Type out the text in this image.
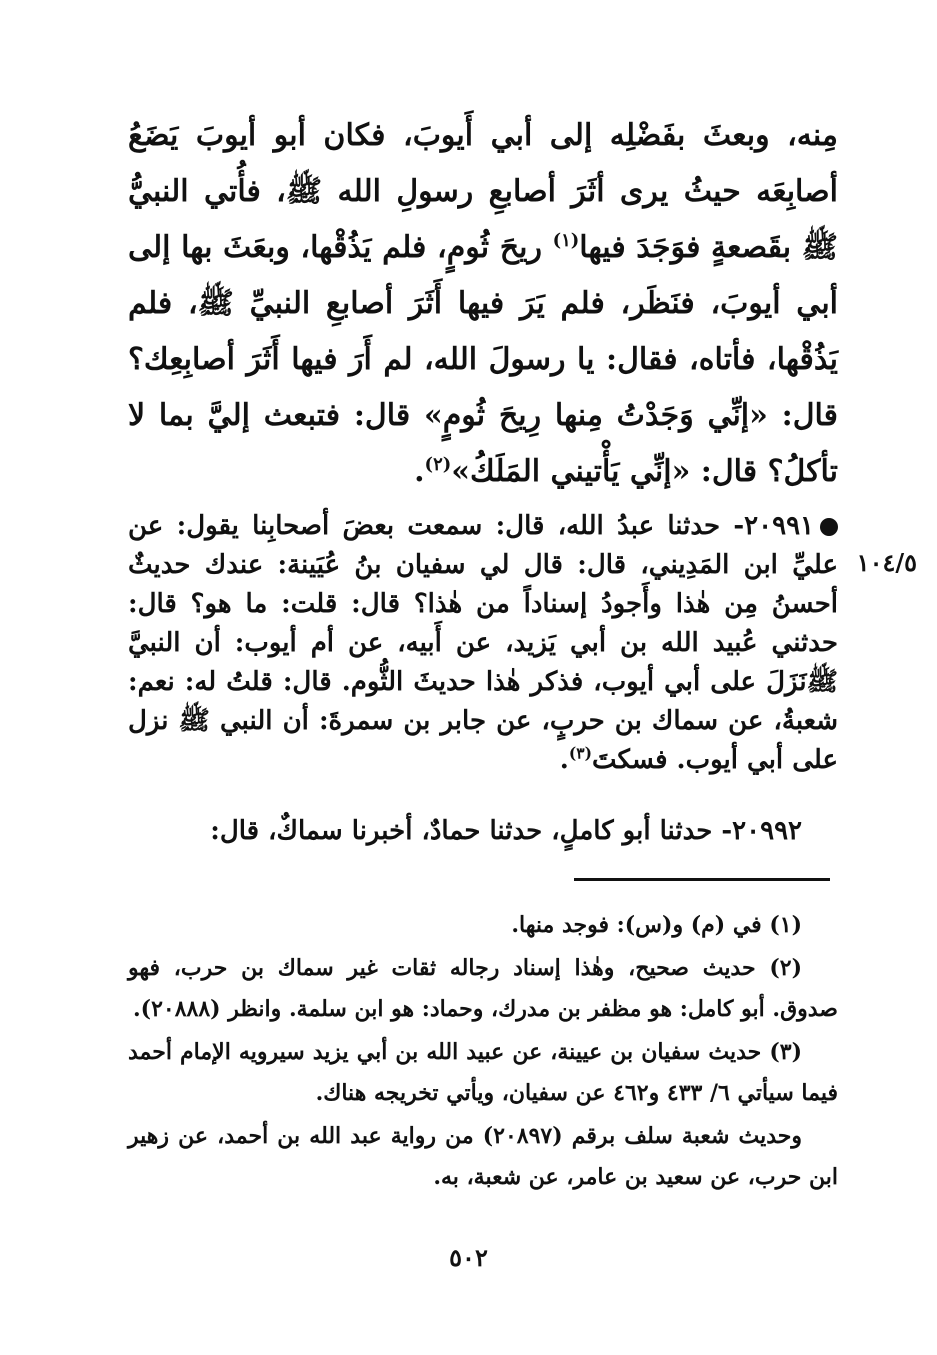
مِنه، وبعثَ بفَضْلِه إلى أبي أَيوبَ، فكان أبو أيوبَ يَضَعُ أصابِعَه حيثُ يرى أثَرَ أصابعِ رسولِ الله ﷺ، فأُتي النبيُّ ﷺ بقَصعةٍ فوَجَدَ فيها$^{(١)}$ ريحَ ثُومٍ، فلم يَذُقْها، وبعَثَ بها إلى أبي أيوبَ، فنَظَر، فلم يَرَ فيها أَثَرَ أصابعِ النبيِّ ﷺ، فلم يَذُقْها، فأتاه، فقال: يا رسولَ الله، لم أَرَ فيها أَثَرَ أصابِعِك؟ قال: «إنِّي وَجَدْتُ مِنها رِيحَ ثُومٍ» قال: فتبعث إليَّ بما لا تأكلُ؟ قال: «إنِّي يَأْتيني المَلَكُ»$^{(٢)}$.
٢٠٩٩١- حدثنا عبدُ الله، قال: سمعت بعضَ أصحابِنا يقول: عن عليِّ ابن المَدِيني، قال: قال لي سفيان بنُ عُيَينة: عندك حديثٌ أحسنُ مِن هٰذا وأَجودُ إسناداً من هٰذا؟ قال: قلت: ما هو؟ قال: حدثني عُبيد الله بن أبي يَزيد، عن أَبيه، عن أم أيوب: أن النبيَّ ﷺنَزَلَ على أبي أيوب، فذكر هٰذا حديثَ الثُّوم. قال: قلتُ له: نعم: شعبةُ، عن سماك بن حربٍ، عن جابر بن سمرةَ: أن النبي ﷺ نزل على أبي أيوب. فسكتَ$^{(٣)}$.
١٠٤/٥
٢٠٩٩٢- حدثنا أبو كاملٍ، حدثنا حمادٌ، أخبرنا سماكٌ، قال:

(١) في (م) و(س): فوجد منها.

(٢) حديث صحيح، وهٰذا إسناد رجاله ثقات غير سماك بن حرب، فهو صدوق. أبو كامل: هو مظفر بن مدرك، وحماد: هو ابن سلمة. وانظر (٢٠٨٨٨).

(٣) حديث سفيان بن عيينة، عن عبيد الله بن أبي يزيد سيرويه الإمام أحمد فيما سيأتي ٦/ ٤٣٣ و٤٦٢ عن سفيان، ويأتي تخريجه هناك.

وحديث شعبة سلف برقم (٢٠٨٩٧) من رواية عبد الله بن أحمد، عن زهير ابن حرب، عن سعيد بن عامر، عن شعبة، به.

٥٠٢
